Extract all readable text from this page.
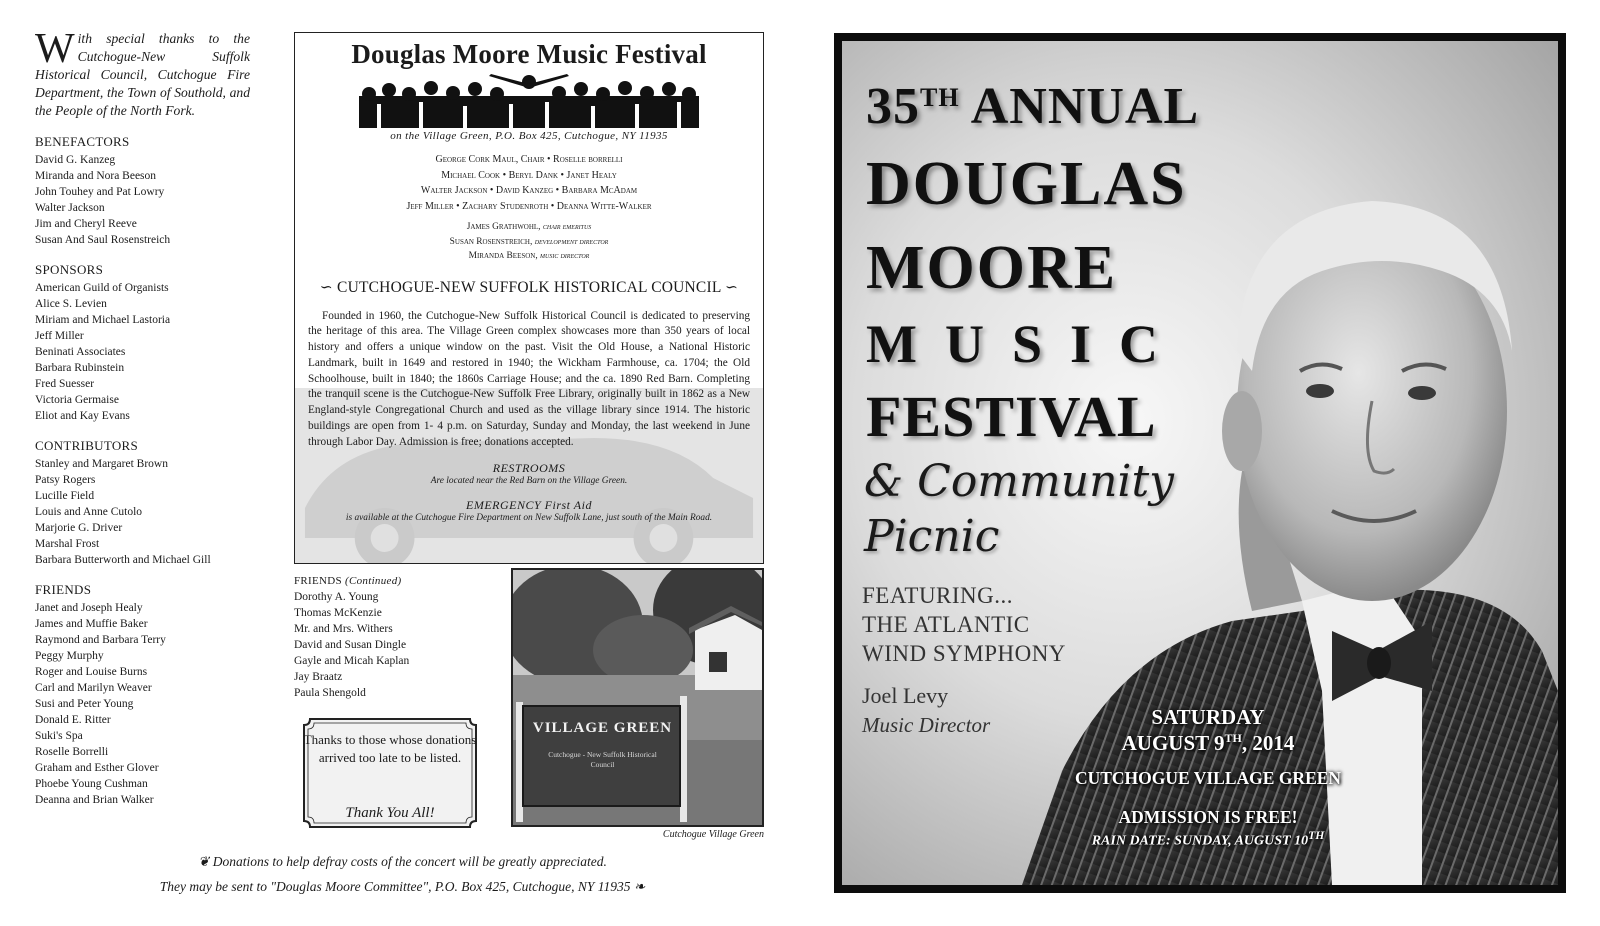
With special thanks to the Cutchogue-New Suffolk Historical Council, Cutchogue Fire Department, the Town of Southold, and the People of the North Fork.

BENEFACTORS
David G. Kanzeg
Miranda and Nora Beeson
John Touhey and Pat Lowry
Walter Jackson
Jim and Cheryl Reeve
Susan And Saul Rosenstreich
SPONSORS
American Guild of Organists
Alice S. Levien
Miriam and Michael Lastoria
Jeff Miller
Beninati Associates
Barbara Rubinstein
Fred Suesser
Victoria Germaise
Eliot and Kay Evans
CONTRIBUTORS
Stanley and Margaret Brown
Patsy Rogers
Lucille Field
Louis and Anne Cutolo
Marjorie G. Driver
Marshal Frost
Barbara Butterworth and Michael Gill
FRIENDS
Janet and Joseph Healy
James and Muffie Baker
Raymond and Barbara Terry
Peggy Murphy
Roger and Louise Burns
Carl and Marilyn Weaver
Susi and Peter Young
Donald E. Ritter
Suki's Spa
Roselle Borrelli
Graham and Esther Glover
Phoebe Young Cushman
Deanna and Brian Walker
Douglas Moore Music Festival
on the Village Green, P.O. Box 425, Cutchogue, NY 11935
George Cork Maul, Chair • Roselle borrelli
Michael Cook • Beryl Dank • Janet Healy
Walter Jackson • David Kanzeg • Barbara McAdam
Jeff Miller • Zachary Studenroth • Deanna Witte-Walker
James Grathwohl, chair emeritus
Susan Rosenstreich, development director
Miranda Beeson, music director
∽ CUTCHOGUE-NEW SUFFOLK HISTORICAL COUNCIL ∽
Founded in 1960, the Cutchogue-New Suffolk Historical Council is dedicated to preserving the heritage of this area. The Village Green complex showcases more than 350 years of local history and offers a unique window on the past. Visit the Old House, a National Historic Landmark, built in 1649 and restored in 1940; the Wickham Farmhouse, ca. 1704; the Old Schoolhouse, built in 1840; the 1860s Carriage House; and the ca. 1890 Red Barn. Completing the tranquil scene is the Cutchogue-New Suffolk Free Library, originally built in 1862 as a New England-style Congregational Church and used as the village library since 1914. The historic buildings are open from 1- 4 p.m. on Saturday, Sunday and Monday, the last weekend in June through Labor Day. Admission is free; donations accepted.
RESTROOMS
Are located near the Red Barn on the Village Green.
EMERGENCY First Aid
is available at the Cutchogue Fire Department on New Suffolk Lane, just south of the Main Road.
FRIENDS (Continued)
Dorothy A. Young
Thomas McKenzie
Mr. and Mrs. Withers
David and Susan Dingle
Gayle and Micah Kaplan
Jay Braatz
Paula Shengold
Thanks to those whose donations arrived too late to be listed.
Thank You All!
VILLAGE GREEN
Cutchogue - New Suffolk Historical Council
Cutchogue Village Green
❦ Donations to help defray costs of the concert will be greatly appreciated.
They may be sent to "Douglas Moore Committee", P.O. Box 425, Cutchogue, NY 11935 ❧
35TH ANNUAL
DOUGLAS
MOORE
MUSIC
FESTIVAL
& Community
Picnic
FEATURING...
THE ATLANTIC
WIND SYMPHONY
Joel Levy
Music Director	SATURDAY
AUGUST 9TH, 2014
CUTCHOGUE VILLAGE GREEN
ADMISSION IS FREE!
RAIN DATE: SUNDAY, AUGUST 10TH
